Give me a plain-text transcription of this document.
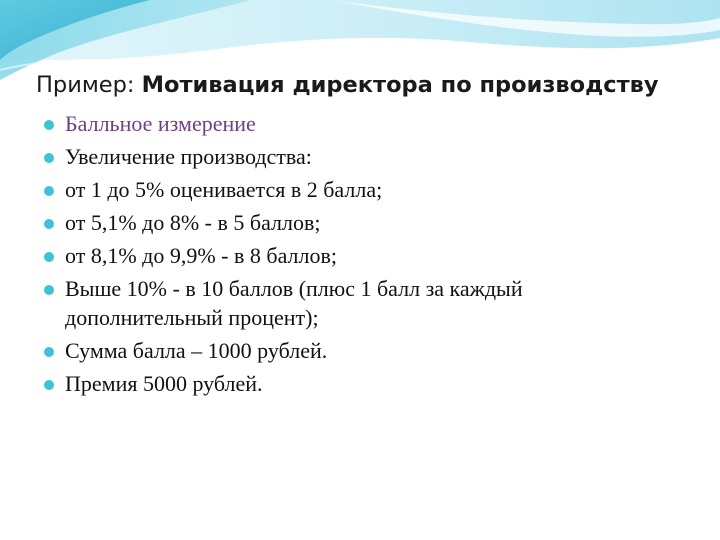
Пример: Мотивация директора по производству
Балльное измерение
Увеличение производства:
от 1 до 5% оценивается в 2 балла;
от 5,1% до 8% - в 5 баллов;
от 8,1% до 9,9% - в 8 баллов;
Выше 10% - в 10 баллов (плюс 1 балл за каждый дополнительный процент);
Сумма балла – 1000 рублей.
Премия 5000 рублей.
